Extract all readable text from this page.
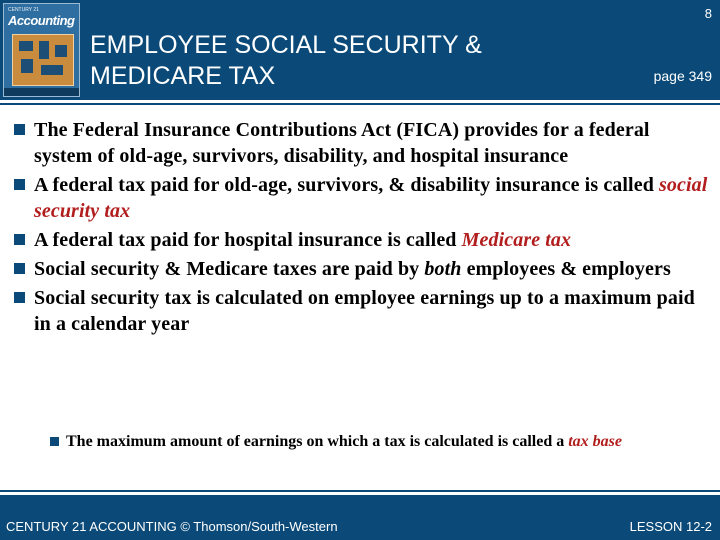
CENTURY 21
Accounting
EMPLOYEE SOCIAL SECURITY &
MEDICARE TAX
8
page 349
The Federal Insurance Contributions Act (FICA) provides for a federal system of old-age, survivors, disability, and hospital insurance
A federal tax paid for old-age, survivors, & disability insurance is called social security tax
A federal tax paid for hospital insurance is called Medicare tax
Social security & Medicare taxes are paid by both employees & employers
Social security tax is calculated on employee earnings up to a maximum paid in a calendar year
The maximum amount of earnings on which a tax is calculated is called a tax base
CENTURY 21 ACCOUNTING © Thomson/South-Western	LESSON 12-2
